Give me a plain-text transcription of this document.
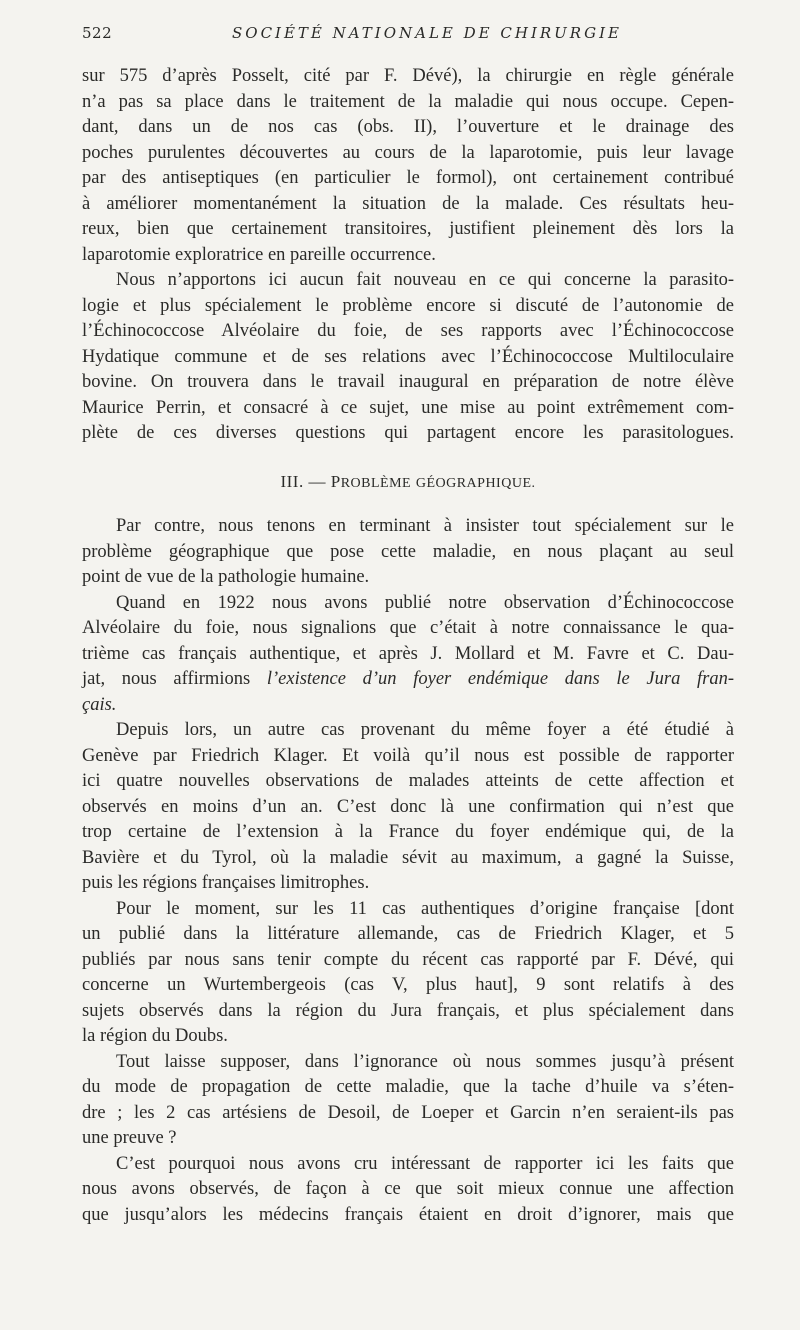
522	SOCIÉTÉ NATIONALE DE CHIRURGIE
sur 575 d’après Posselt, cité par F. Dévé), la chirurgie en règle générale
n’a pas sa place dans le traitement de la maladie qui nous occupe. Cepen-
dant, dans un de nos cas (obs. II), l’ouverture et le drainage des
poches purulentes découvertes au cours de la laparotomie, puis leur lavage
par des antiseptiques (en particulier le formol), ont certainement contribué
à améliorer momentanément la situation de la malade. Ces résultats heu-
reux, bien que certainement transitoires, justifient pleinement dès lors la
laparotomie exploratrice en pareille occurrence.
Nous n’apportons ici aucun fait nouveau en ce qui concerne la parasito-
logie et plus spécialement le problème encore si discuté de l’autonomie de
l’Échinococcose Alvéolaire du foie, de ses rapports avec l’Échinococcose
Hydatique commune et de ses relations avec l’Échinococcose Multiloculaire
bovine. On trouvera dans le travail inaugural en préparation de notre élève
Maurice Perrin, et consacré à ce sujet, une mise au point extrêmement com-
plète de ces diverses questions qui partagent encore les parasitologues.
III. — PROBLÈME GÉOGRAPHIQUE.
Par contre, nous tenons en terminant à insister tout spécialement sur le
problème géographique que pose cette maladie, en nous plaçant au seul
point de vue de la pathologie humaine.
Quand en 1922 nous avons publié notre observation d’Échinococcose
Alvéolaire du foie, nous signalions que c’était à notre connaissance le qua-
trième cas français authentique, et après J. Mollard et M. Favre et C. Dau-
jat, nous affirmions l’existence d’un foyer endémique dans le Jura fran-
çais.
Depuis lors, un autre cas provenant du même foyer a été étudié à
Genève par Friedrich Klager. Et voilà qu’il nous est possible de rapporter
ici quatre nouvelles observations de malades atteints de cette affection et
observés en moins d’un an. C’est donc là une confirmation qui n’est que
trop certaine de l’extension à la France du foyer endémique qui, de la
Bavière et du Tyrol, où la maladie sévit au maximum, a gagné la Suisse,
puis les régions françaises limitrophes.
Pour le moment, sur les 11 cas authentiques d’origine française [dont
un publié dans la littérature allemande, cas de Friedrich Klager, et 5
publiés par nous sans tenir compte du récent cas rapporté par F. Dévé, qui
concerne un Wurtembergeois (cas V, plus haut], 9 sont relatifs à des
sujets observés dans la région du Jura français, et plus spécialement dans
la région du Doubs.
Tout laisse supposer, dans l’ignorance où nous sommes jusqu’à présent
du mode de propagation de cette maladie, que la tache d’huile va s’éten-
dre ; les 2 cas artésiens de Desoil, de Loeper et Garcin n’en seraient-ils pas
une preuve ?
C’est pourquoi nous avons cru intéressant de rapporter ici les faits que
nous avons observés, de façon à ce que soit mieux connue une affection
que jusqu’alors les médecins français étaient en droit d’ignorer, mais que
